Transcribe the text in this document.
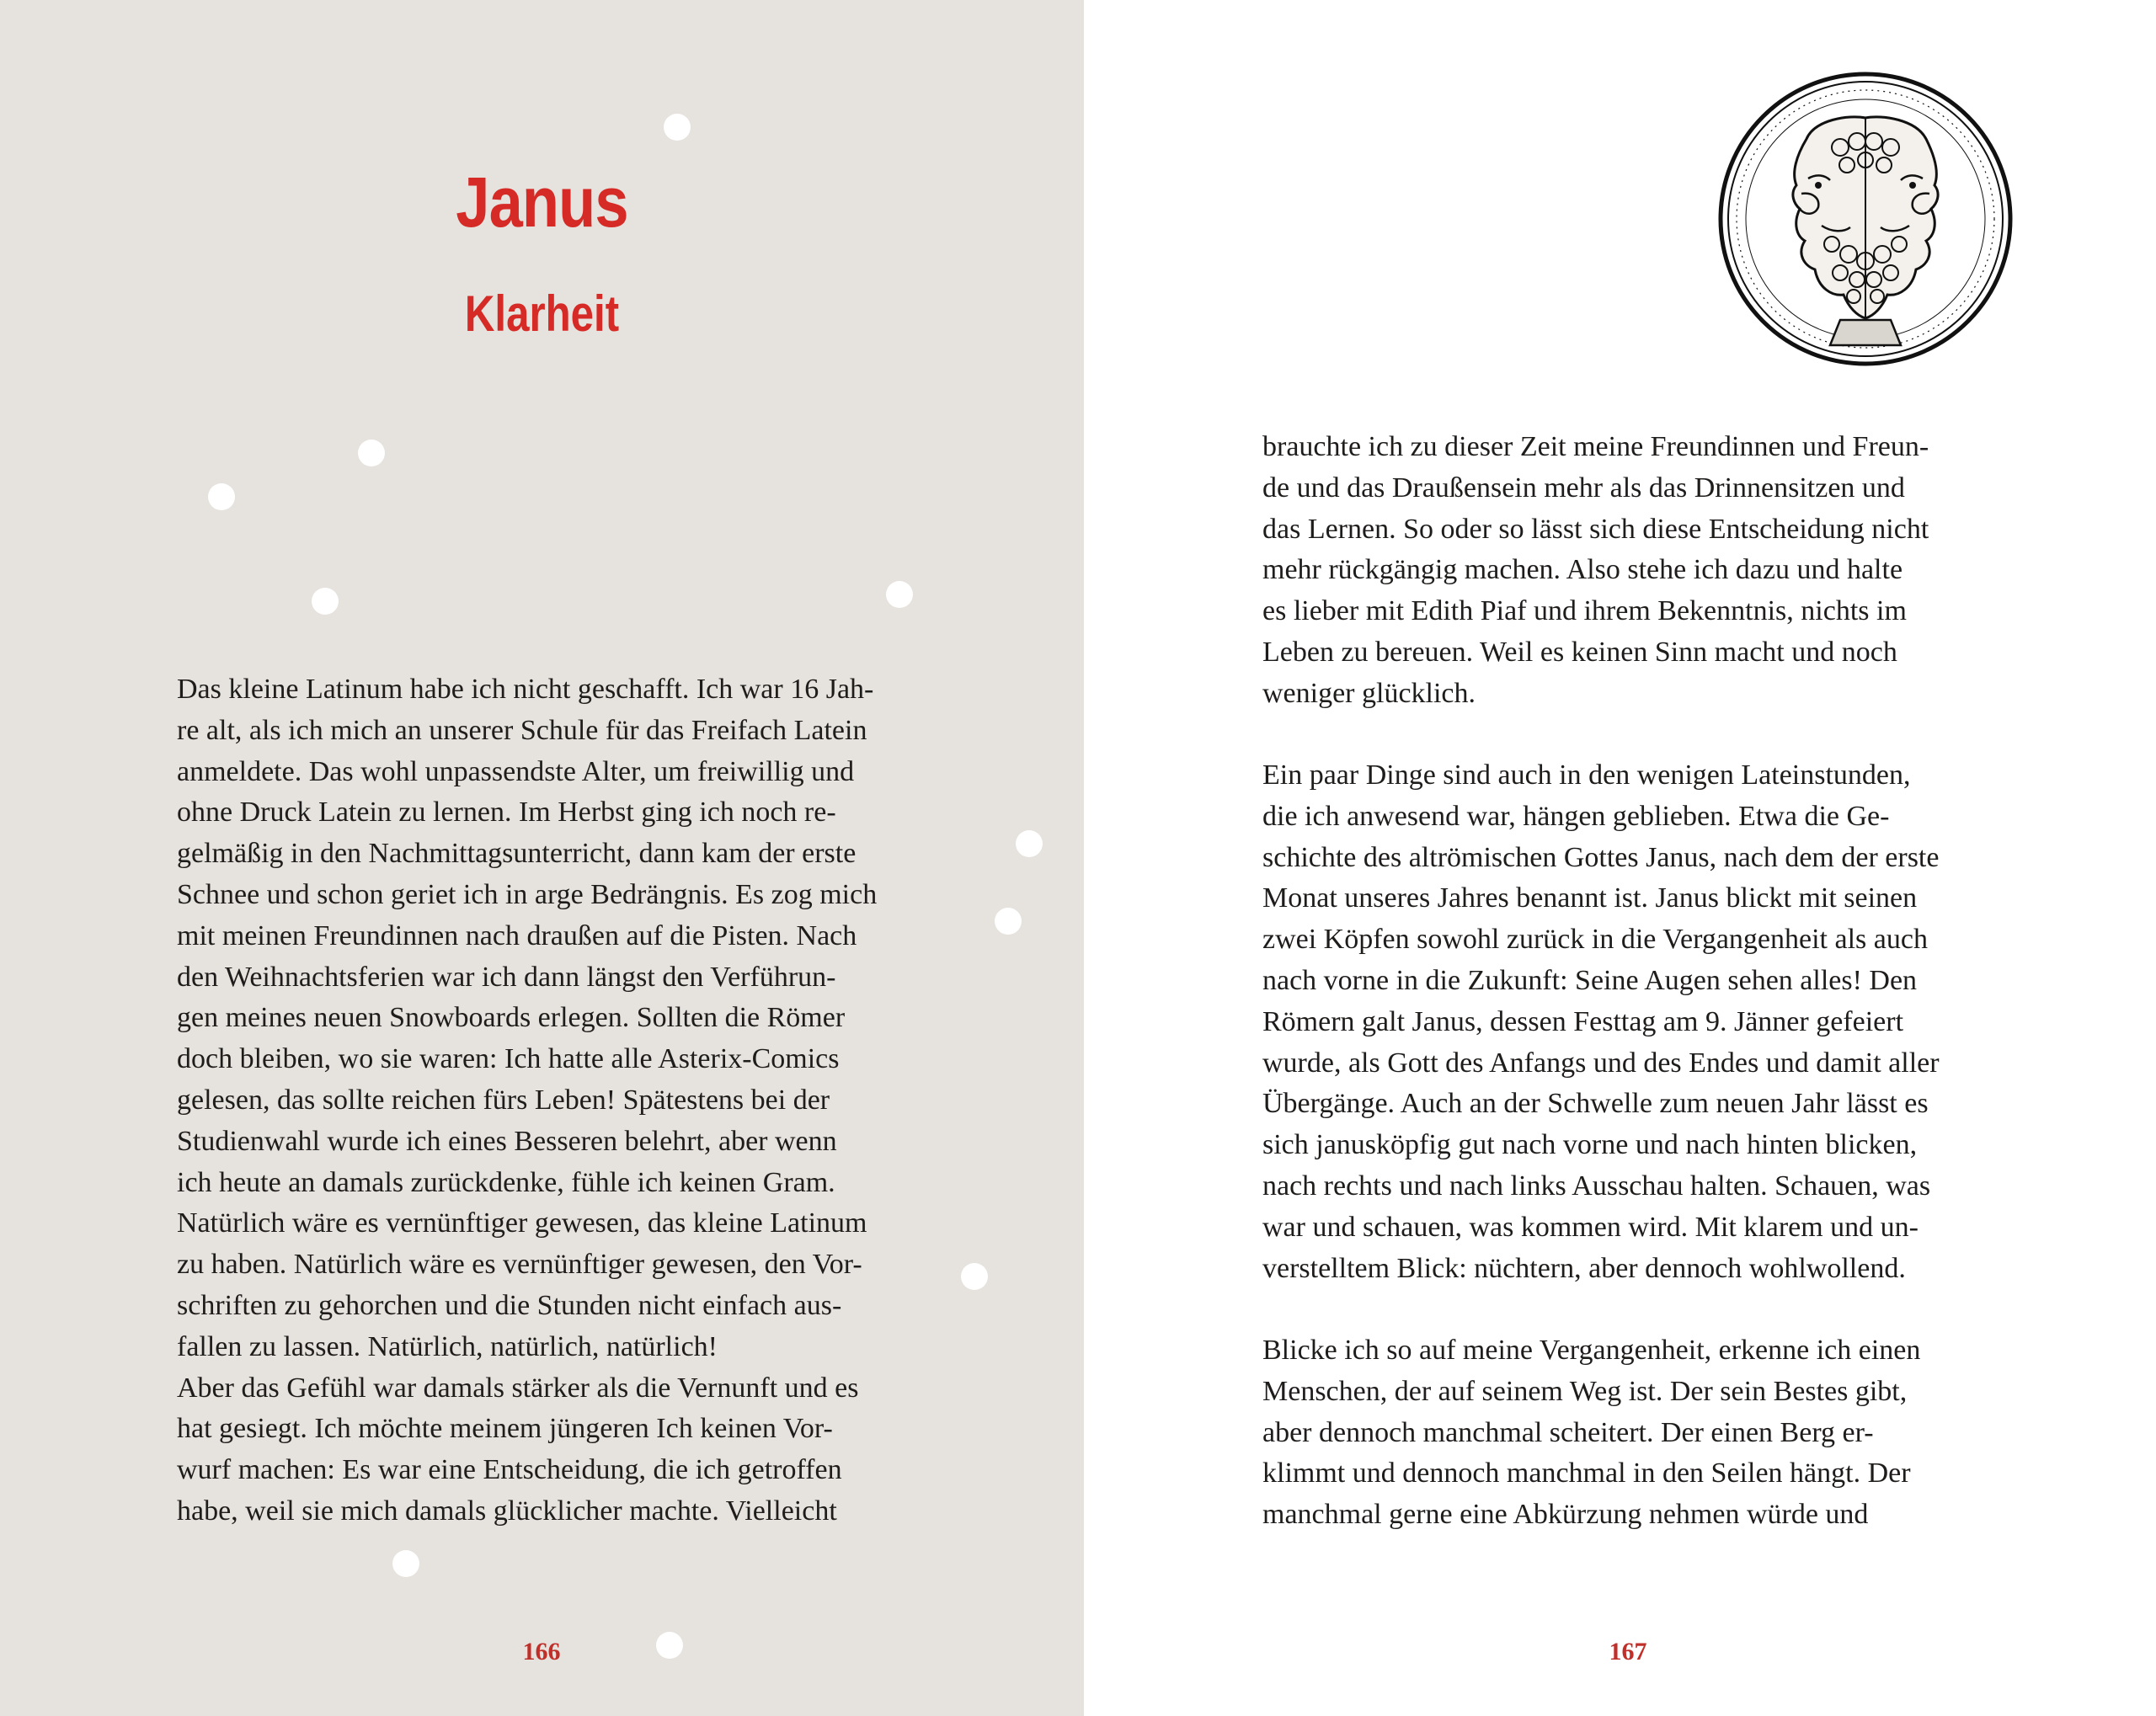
Janus
Klarheit
Das kleine Latinum habe ich nicht geschafft. Ich war 16 Jah-
re alt, als ich mich an unserer Schule für das Freifach Latein
anmeldete. Das wohl unpassendste Alter, um freiwillig und
ohne Druck Latein zu lernen. Im Herbst ging ich noch re-
gelmäßig in den Nachmittagsunterricht, dann kam der erste
Schnee und schon geriet ich in arge Bedrängnis. Es zog mich
mit meinen Freundinnen nach draußen auf die Pisten. Nach
den Weihnachtsferien war ich dann längst den Verführun-
gen meines neuen Snowboards erlegen. Sollten die Römer
doch bleiben, wo sie waren: Ich hatte alle Asterix-Comics
gelesen, das sollte reichen fürs Leben! Spätestens bei der
Studienwahl wurde ich eines Besseren belehrt, aber wenn
ich heute an damals zurückdenke, fühle ich keinen Gram.
Natürlich wäre es vernünftiger gewesen, das kleine Latinum
zu haben. Natürlich wäre es vernünftiger gewesen, den Vor-
schriften zu gehorchen und die Stunden nicht einfach aus-
fallen zu lassen. Natürlich, natürlich, natürlich!
Aber das Gefühl war damals stärker als die Vernunft und es
hat gesiegt. Ich möchte meinem jüngeren Ich keinen Vor-
wurf machen: Es war eine Entscheidung, die ich getroffen
habe, weil sie mich damals glücklicher machte. Vielleicht
166
brauchte ich zu dieser Zeit meine Freundinnen und Freun-
de und das Draußensein mehr als das Drinnensitzen und
das Lernen. So oder so lässt sich diese Entscheidung nicht
mehr rückgängig machen. Also stehe ich dazu und halte
es lieber mit Edith Piaf und ihrem Bekenntnis, nichts im
Leben zu bereuen. Weil es keinen Sinn macht und noch
weniger glücklich.
Ein paar Dinge sind auch in den wenigen Lateinstunden,
die ich anwesend war, hängen geblieben. Etwa die Ge-
schichte des altrömischen Gottes Janus, nach dem der erste
Monat unseres Jahres benannt ist. Janus blickt mit seinen
zwei Köpfen sowohl zurück in die Vergangenheit als auch
nach vorne in die Zukunft: Seine Augen sehen alles! Den
Römern galt Janus, dessen Festtag am 9. Jänner gefeiert
wurde, als Gott des Anfangs und des Endes und damit aller
Übergänge. Auch an der Schwelle zum neuen Jahr lässt es
sich janusköpfig gut nach vorne und nach hinten blicken,
nach rechts und nach links Ausschau halten. Schauen, was
war und schauen, was kommen wird. Mit klarem und un-
verstelltem Blick: nüchtern, aber dennoch wohlwollend.
Blicke ich so auf meine Vergangenheit, erkenne ich einen
Menschen, der auf seinem Weg ist. Der sein Bestes gibt,
aber dennoch manchmal scheitert. Der einen Berg er-
klimmt und dennoch manchmal in den Seilen hängt. Der
manchmal gerne eine Abkürzung nehmen würde und
167
